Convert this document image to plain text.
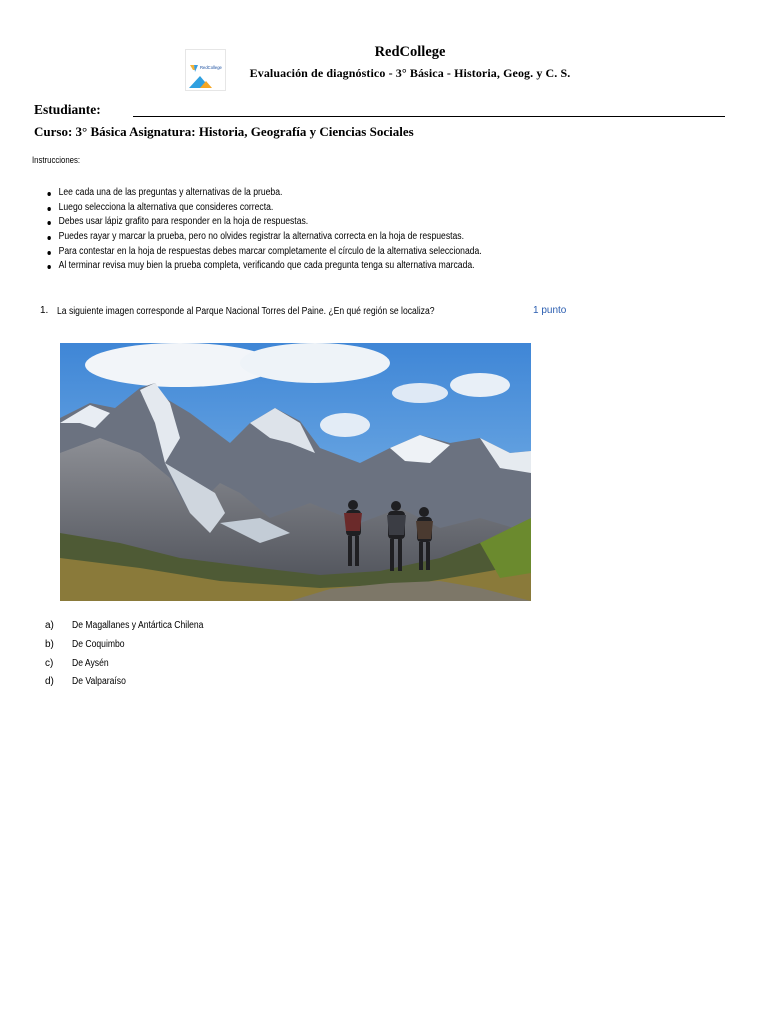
RedCollege
RedCollege
Evaluación de diagnóstico - 3° Básica - Historia, Geog. y C. S.
Estudiante:
Curso: 3° Básica Asignatura: Historia, Geografía y Ciencias Sociales
Instrucciones:
Lee cada una de las preguntas y alternativas de la prueba.
Luego selecciona la alternativa que consideres correcta.
Debes usar lápiz grafito para responder en la hoja de respuestas.
Puedes rayar y marcar la prueba, pero no olvides registrar la alternativa correcta en la hoja de respuestas.
Para contestar en la hoja de respuestas debes marcar completamente el círculo de la alternativa seleccionada.
Al terminar revisa muy bien la prueba completa, verificando que cada pregunta tenga su alternativa marcada.
1. La siguiente imagen corresponde al Parque Nacional Torres del Paine. ¿En qué región se localiza?	1 punto
a) De Magallanes y Antártica Chilena
b) De Coquimbo
c) De Aysén
d) De Valparaíso
